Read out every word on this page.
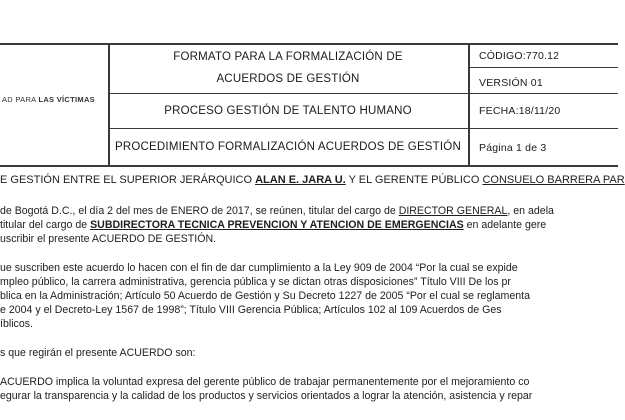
AD PARA LAS VÍCTIMAS
FORMATO PARA LA FORMALIZACIÓN DE
ACUERDOS DE GESTIÓN
PROCESO GESTIÓN DE TALENTO HUMANO
PROCEDIMIENTO FORMALIZACIÓN ACUERDOS DE GESTIÓN
CÓDIGO:770.12
VERSIÓN 01
FECHA:18/11/20
Página 1 de 3
E GESTIÓN ENTRE EL SUPERIOR JERÁRQUICO ALAN E. JARA U. Y EL GERENTE PÚBLICO CONSUELO BARRERA PAR
de Bogotá D.C., el día 2 del mes de ENERO de 2017, se reúnen, titular del cargo de DIRECTOR GENERAL, en adela
titular del cargo de SUBDIRECTORA TECNICA PREVENCION Y ATENCION DE EMERGENCIAS en adelante gere
uscribir el presente ACUERDO DE GESTIÓN.
ue suscriben este acuerdo lo hacen con el fin de dar cumplimiento a la Ley 909 de 2004 “Por la cual se expide
mpleo público, la carrera administrativa, gerencia pública y se dictan otras disposiciones” Título VIII De los pr
blica en la Administración; Artículo 50 Acuerdo de Gestión y Su Decreto 1227 de 2005 “Por el cual se reglamenta
e 2004 y el Decreto-Ley 1567 de 1998”; Título VIII Gerencia Pública; Artículos 102 al 109 Acuerdos de Ges
íblicos.
s que regirán el presente ACUERDO son:
ACUERDO implica la voluntad expresa del gerente público de trabajar permanentemente por el mejoramiento co
egurar la transparencia y la calidad de los productos y servicios orientados a lograr la atención, asistencia y repar
